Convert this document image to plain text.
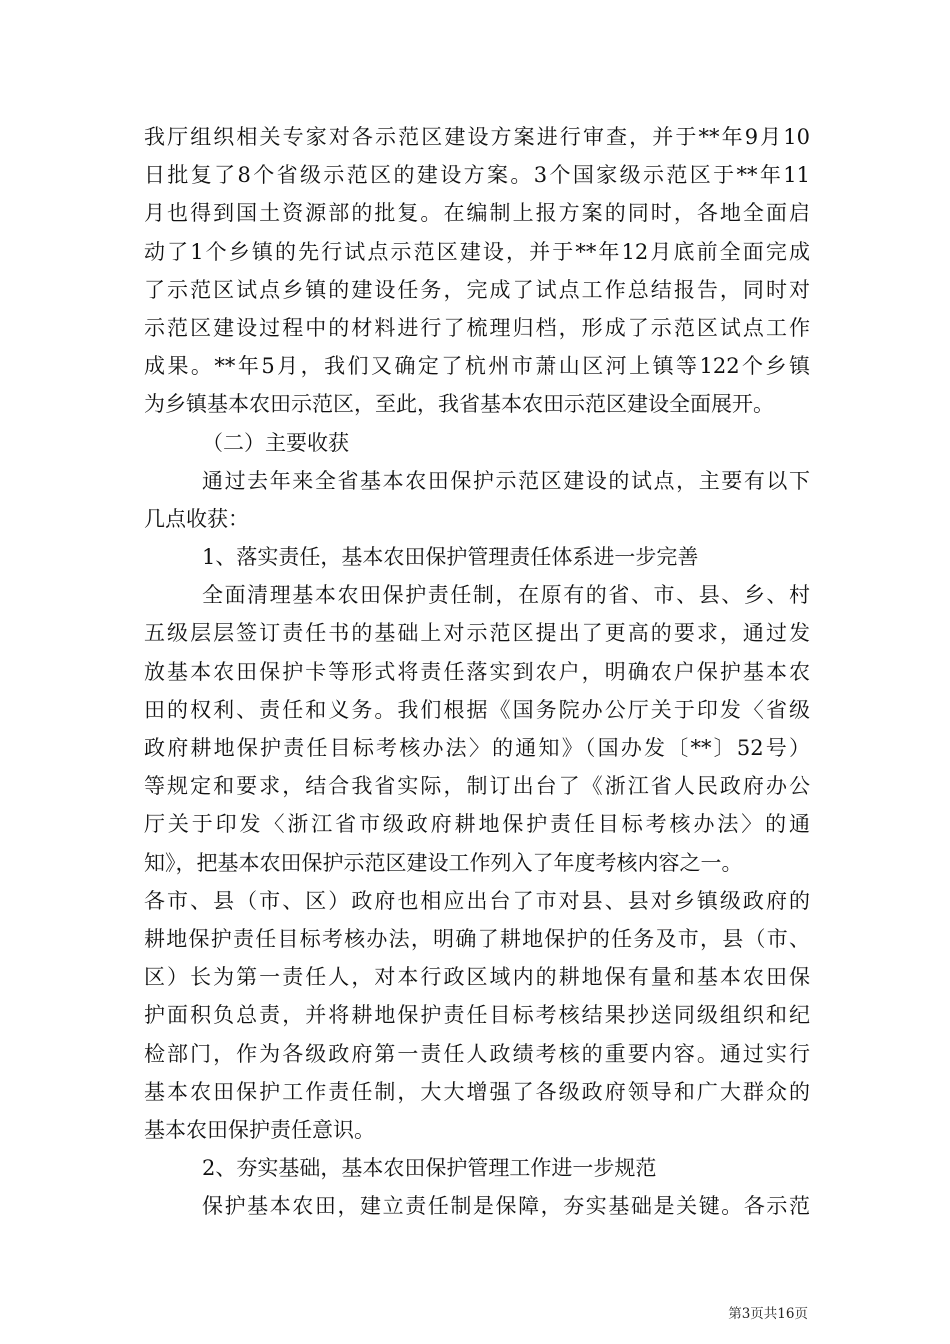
我厅组织相关专家对各示范区建设方案进行审查，并于**年9月10
日批复了8个省级示范区的建设方案。3个国家级示范区于**年11
月也得到国土资源部的批复。在编制上报方案的同时，各地全面启
动了1个乡镇的先行试点示范区建设，并于**年12月底前全面完成
了示范区试点乡镇的建设任务，完成了试点工作总结报告，同时对
示范区建设过程中的材料进行了梳理归档，形成了示范区试点工作
成果。**年5月，我们又确定了杭州市萧山区河上镇等122个乡镇
为乡镇基本农田示范区，至此，我省基本农田示范区建设全面展开。
（二）主要收获
通过去年来全省基本农田保护示范区建设的试点，主要有以下
几点收获：
1、落实责任，基本农田保护管理责任体系进一步完善
全面清理基本农田保护责任制，在原有的省、市、县、乡、村
五级层层签订责任书的基础上对示范区提出了更高的要求，通过发
放基本农田保护卡等形式将责任落实到农户，明确农户保护基本农
田的权利、责任和义务。我们根据《国务院办公厅关于印发〈省级
政府耕地保护责任目标考核办法〉的通知》（国办发〔**〕52号）
等规定和要求，结合我省实际，制订出台了《浙江省人民政府办公
厅关于印发〈浙江省市级政府耕地保护责任目标考核办法〉的通
知》，把基本农田保护示范区建设工作列入了年度考核内容之一。
各市、县（市、区）政府也相应出台了市对县、县对乡镇级政府的
耕地保护责任目标考核办法，明确了耕地保护的任务及市，县（市、
区）长为第一责任人，对本行政区域内的耕地保有量和基本农田保
护面积负总责，并将耕地保护责任目标考核结果抄送同级组织和纪
检部门，作为各级政府第一责任人政绩考核的重要内容。通过实行
基本农田保护工作责任制，大大增强了各级政府领导和广大群众的
基本农田保护责任意识。
2、夯实基础，基本农田保护管理工作进一步规范
保护基本农田，建立责任制是保障，夯实基础是关键。各示范
第3页共16页
